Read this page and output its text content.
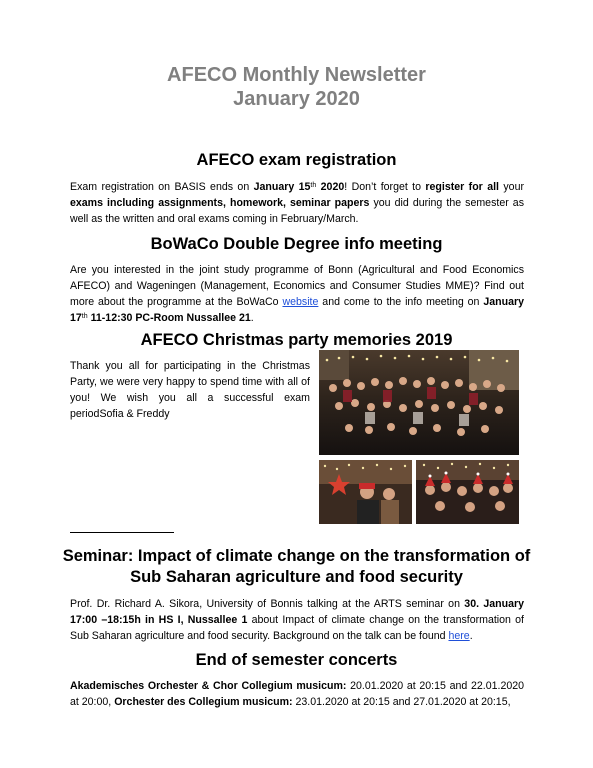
AFECO Monthly Newsletter
January 2020
AFECO exam registration

Exam registration on BASIS ends on January 15th 2020! Don’t forget to register for all your exams including assignments, homework, seminar papers you did during the semester as well as the written and oral exams coming in February/March.

BoWaCo Double Degree info meeting

Are you interested in the joint study programme of Bonn (Agricultural and Food Economics AFECO) and Wageningen (Management, Economics and Consumer Studies MME)? Find out more about the programme at the BoWaCo website and come to the info meeting on January 17th 11-12:30 PC-Room Nussallee 21.

AFECO Christmas party memories 2019

Thank you all for participating in the Christmas Party, we were very happy to spend time with all of you! We wish you all a successful exam periodSofia & Freddy

Seminar: Impact of climate change on the transformation of
Sub Saharan agriculture and food security

Prof. Dr. Richard A. Sikora, University of Bonnis talking at the ARTS seminar on 30. January 17:00 –18:15h in HS I, Nussallee 1 about Impact of climate change on the transformation of Sub Saharan agriculture and food security. Background on the talk can be found here.

End of semester concerts

Akademisches Orchester & Chor Collegium musicum: 20.01.2020 at 20:15 and 22.01.2020 at 20:00, Orchester des Collegium musicum: 23.01.2020 at 20:15 and 27.01.2020 at 20:15,
